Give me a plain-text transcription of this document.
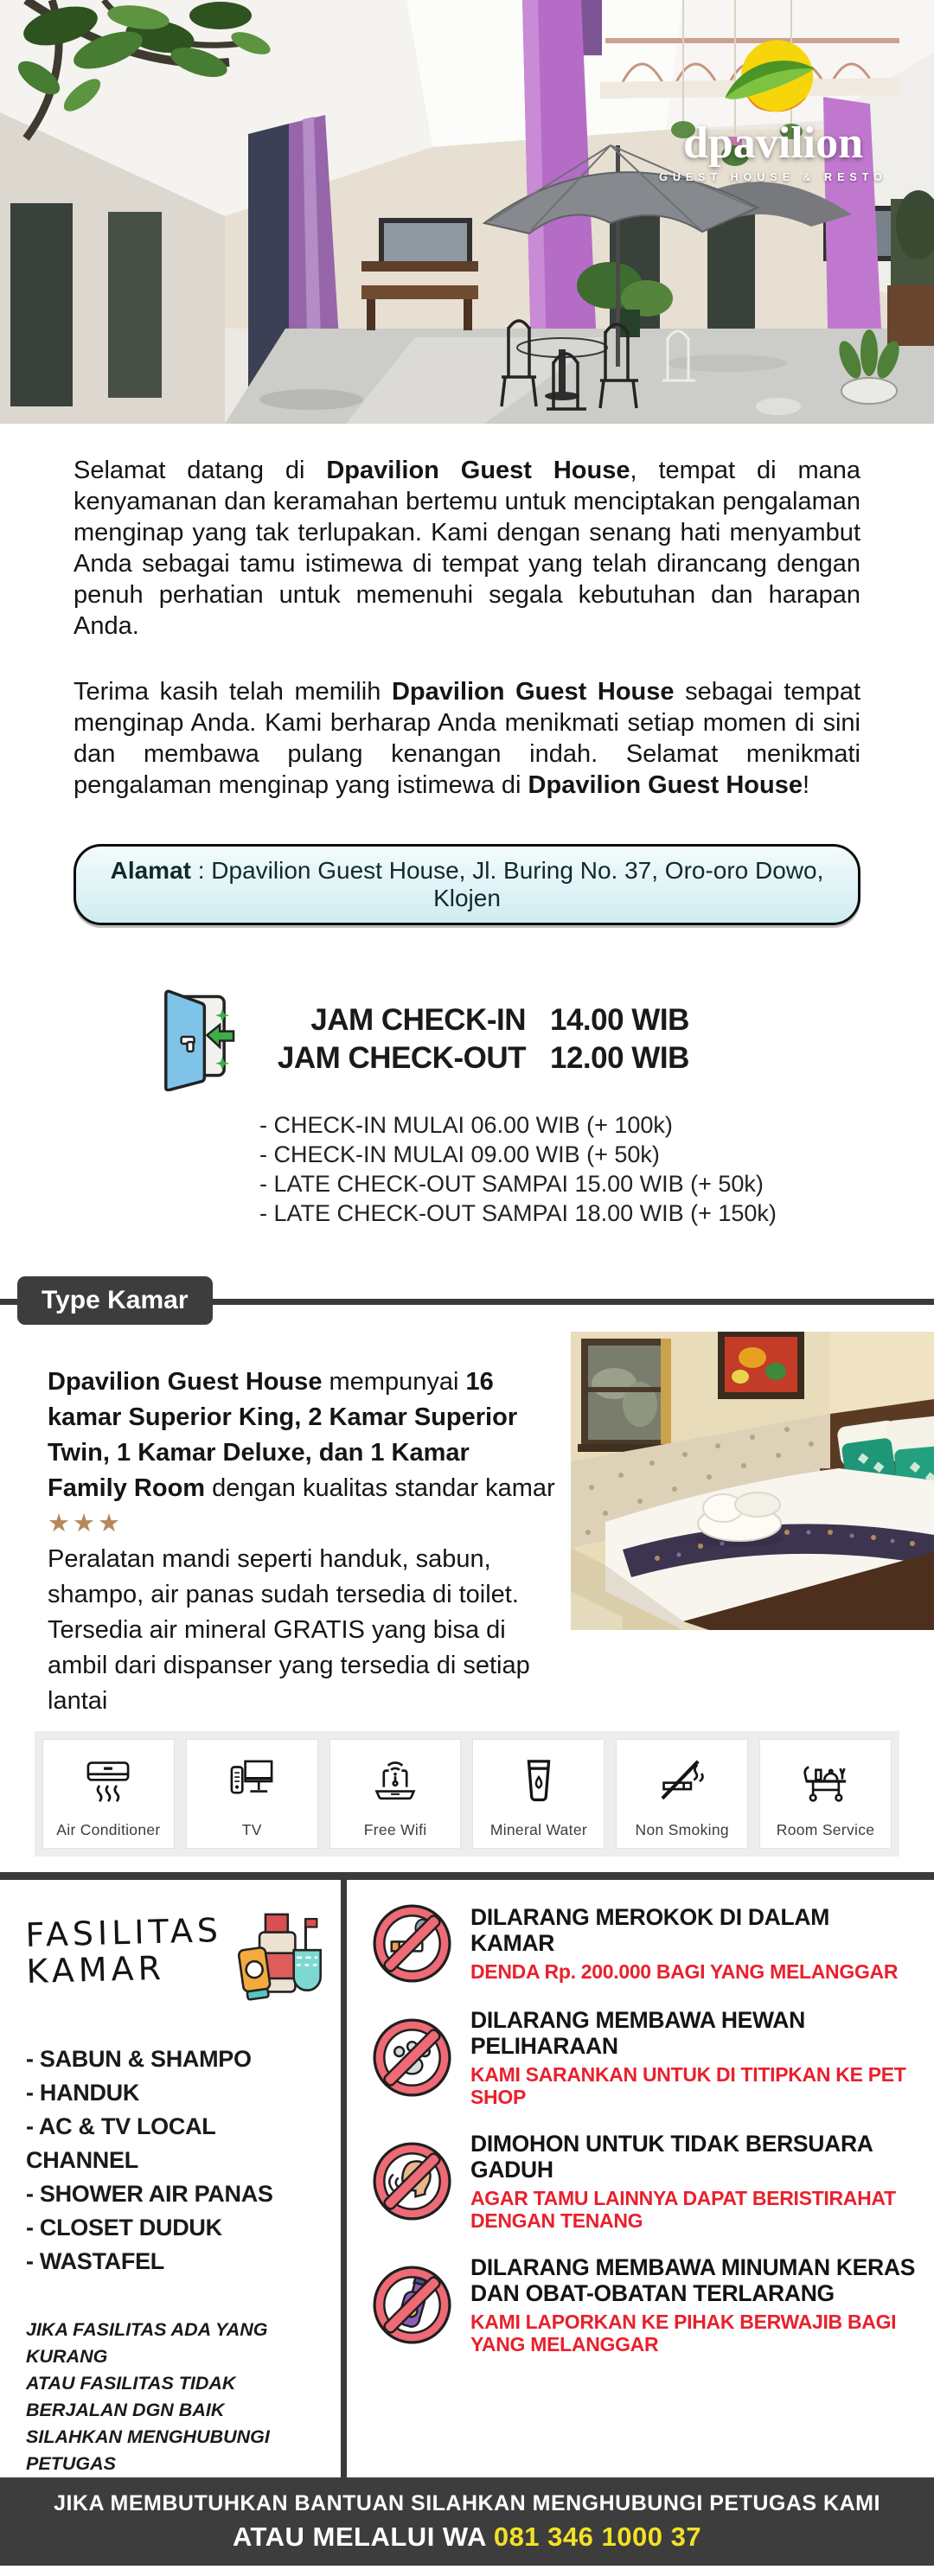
dpavilion
GUEST HOUSE & RESTO

Selamat datang di Dpavilion Guest House, tempat di mana kenyamanan dan keramahan bertemu untuk menciptakan pengalaman menginap yang tak terlupakan. Kami dengan senang hati menyambut Anda sebagai tamu istimewa di tempat yang telah dirancang dengan penuh perhatian untuk memenuhi segala kebutuhan dan harapan Anda.

Terima kasih telah memilih Dpavilion Guest House sebagai tempat menginap Anda. Kami berharap Anda menikmati setiap momen di sini dan membawa pulang kenangan indah. Selamat menikmati pengalaman menginap yang istimewa di Dpavilion Guest House!

Alamat : Dpavilion Guest House, Jl. Buring No. 37, Oro-oro Dowo, Klojen
JAM CHECK-IN 14.00 WIB
JAM CHECK-OUT 12.00 WIB
- CHECK-IN MULAI 06.00 WIB (+ 100k)
- CHECK-IN MULAI 09.00 WIB (+ 50k)
- LATE CHECK-OUT SAMPAI 15.00 WIB (+ 50k)
- LATE CHECK-OUT SAMPAI 18.00 WIB (+ 150k)
Type Kamar
Dpavilion Guest House mempunyai 16 kamar Superior King, 2 Kamar Superior Twin, 1 Kamar Deluxe, dan 1 Kamar Family Room dengan kualitas standar kamar ★★★
Peralatan mandi seperti handuk, sabun, shampo, air panas sudah tersedia di toilet.
Tersedia air mineral GRATIS yang bisa di ambil dari dispanser yang tersedia di setiap lantai
Air Conditioner	TV	Free Wifi	Mineral Water	Non Smoking	Room Service
FASILITAS
KAMAR
- SABUN & SHAMPO
- HANDUK
- AC & TV LOCAL CHANNEL
- SHOWER AIR PANAS
- CLOSET DUDUK
- WASTAFEL
JIKA FASILITAS ADA YANG KURANG
ATAU FASILITAS TIDAK BERJALAN DGN BAIK
SILAHKAN MENGHUBUNGI PETUGAS
DILARANG MEROKOK DI DALAM KAMAR
DENDA Rp. 200.000 BAGI YANG MELANGGAR
DILARANG MEMBAWA HEWAN PELIHARAAN
KAMI SARANKAN UNTUK DI TITIPKAN KE PET SHOP
DIMOHON UNTUK TIDAK BERSUARA GADUH
AGAR TAMU LAINNYA DAPAT BERISTIRAHAT DENGAN TENANG
DILARANG MEMBAWA MINUMAN KERAS DAN OBAT-OBATAN TERLARANG
KAMI LAPORKAN KE PIHAK BERWAJIB BAGI YANG MELANGGAR
JIKA MEMBUTUHKAN BANTUAN SILAHKAN MENGHUBUNGI PETUGAS KAMI
ATAU MELALUI WA 081 346 1000 37
